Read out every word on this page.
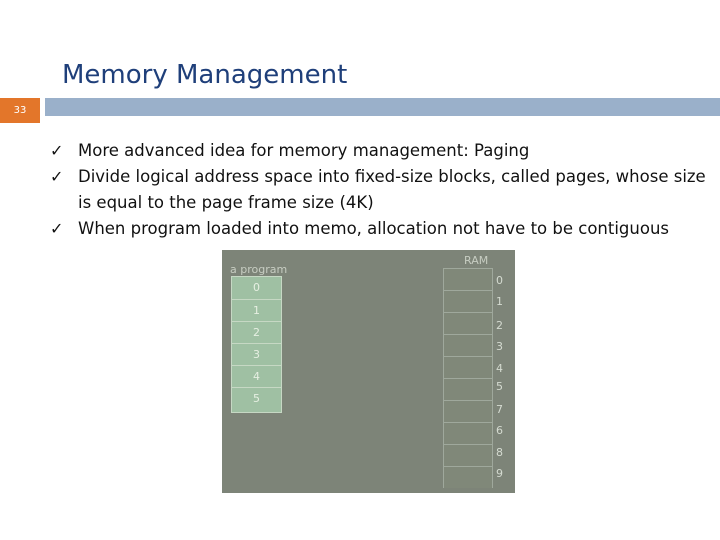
Memory Management
33
✓ More advanced idea for memory management: Paging
✓ Divide logical address space into fixed-size blocks, called pages, whose size is equal to the page frame size (4K)
✓ When program loaded into memo, allocation not have to be contiguous
a program
0
1
2
3
4
5
RAM
0
1
2
3
4
5
7
6
8
9
